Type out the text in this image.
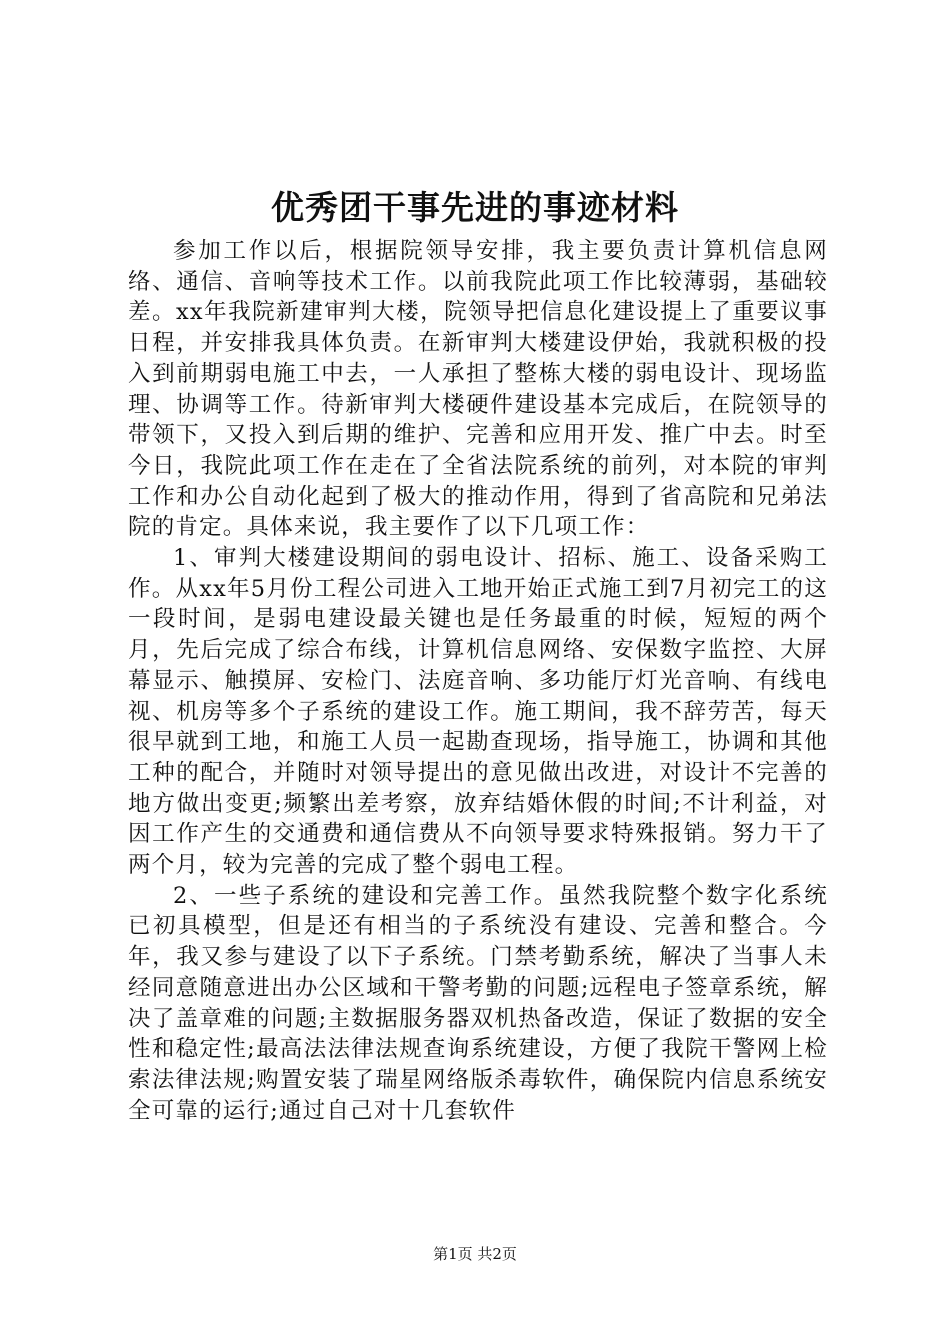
优秀团干事先进的事迹材料

参加工作以后，根据院领导安排，我主要负责计算机信息网络、通信、音响等技术工作。以前我院此项工作比较薄弱，基础较差。xx年我院新建审判大楼，院领导把信息化建设提上了重要议事日程，并安排我具体负责。在新审判大楼建设伊始，我就积极的投入到前期弱电施工中去，一人承担了整栋大楼的弱电设计、现场监理、协调等工作。待新审判大楼硬件建设基本完成后，在院领导的带领下，又投入到后期的维护、完善和应用开发、推广中去。时至今日，我院此项工作在走在了全省法院系统的前列，对本院的审判工作和办公自动化起到了极大的推动作用，得到了省高院和兄弟法院的肯定。具体来说，我主要作了以下几项工作：

1、审判大楼建设期间的弱电设计、招标、施工、设备采购工作。从xx年5月份工程公司进入工地开始正式施工到7月初完工的这一段时间，是弱电建设最关键也是任务最重的时候，短短的两个月，先后完成了综合布线，计算机信息网络、安保数字监控、大屏幕显示、触摸屏、安检门、法庭音响、多功能厅灯光音响、有线电视、机房等多个子系统的建设工作。施工期间，我不辞劳苦，每天很早就到工地，和施工人员一起勘查现场，指导施工，协调和其他工种的配合，并随时对领导提出的意见做出改进，对设计不完善的地方做出变更;频繁出差考察，放弃结婚休假的时间;不计利益，对因工作产生的交通费和通信费从不向领导要求特殊报销。努力干了两个月，较为完善的完成了整个弱电工程。

2、一些子系统的建设和完善工作。虽然我院整个数字化系统已初具模型，但是还有相当的子系统没有建设、完善和整合。今年，我又参与建设了以下子系统。门禁考勤系统，解决了当事人未经同意随意进出办公区域和干警考勤的问题;远程电子签章系统，解决了盖章难的问题;主数据服务器双机热备改造，保证了数据的安全性和稳定性;最高法法律法规查询系统建设，方便了我院干警网上检索法律法规;购置安装了瑞星网络版杀毒软件，确保院内信息系统安全可靠的运行;通过自己对十几套软件

第1页 共2页
